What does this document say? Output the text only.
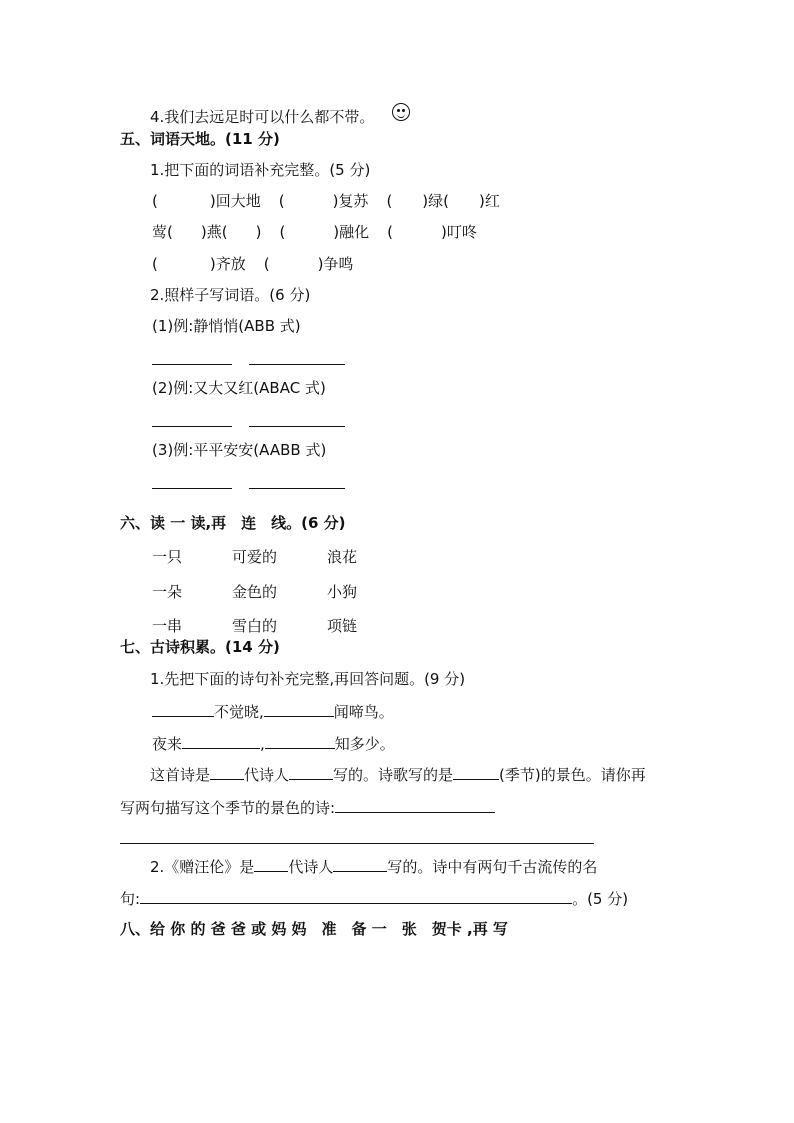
4.我们去远足时可以什么都不带。
五、词语天地。(11 分)
1.把下面的词语补充完整。(5 分)
(	)回大地 (	)复苏 ( )绿( )红
莺( )燕( ) (	)融化 (	)叮咚
(	)齐放 (	)争鸣
2.照样子写词语。(6 分)
(1)例:静悄悄(ABB 式)
(2)例:又大又红(ABAC 式)
(3)例:平平安安(AABB 式)
六、读 一 读,再　连　线。(6 分)
一只	可爱的	浪花
一朵	金色的	小狗
一串	雪白的	项链
七、古诗积累。(14 分)
1.先把下面的诗句补充完整,再回答问题。(9 分)
不觉晓,	闻啼鸟。
夜来	,	知多少。
这首诗是 代诗人	写的。诗歌写的是	(季节)的景色。请你再
写两句描写这个季节的景色的诗:
2.《赠汪伦》是 代诗人	写的。诗中有两句千古流传的名
句:	。(5 分)
八、给 你 的 爸 爸 或 妈 妈　准　备 一　张　贺卡 ,再 写
